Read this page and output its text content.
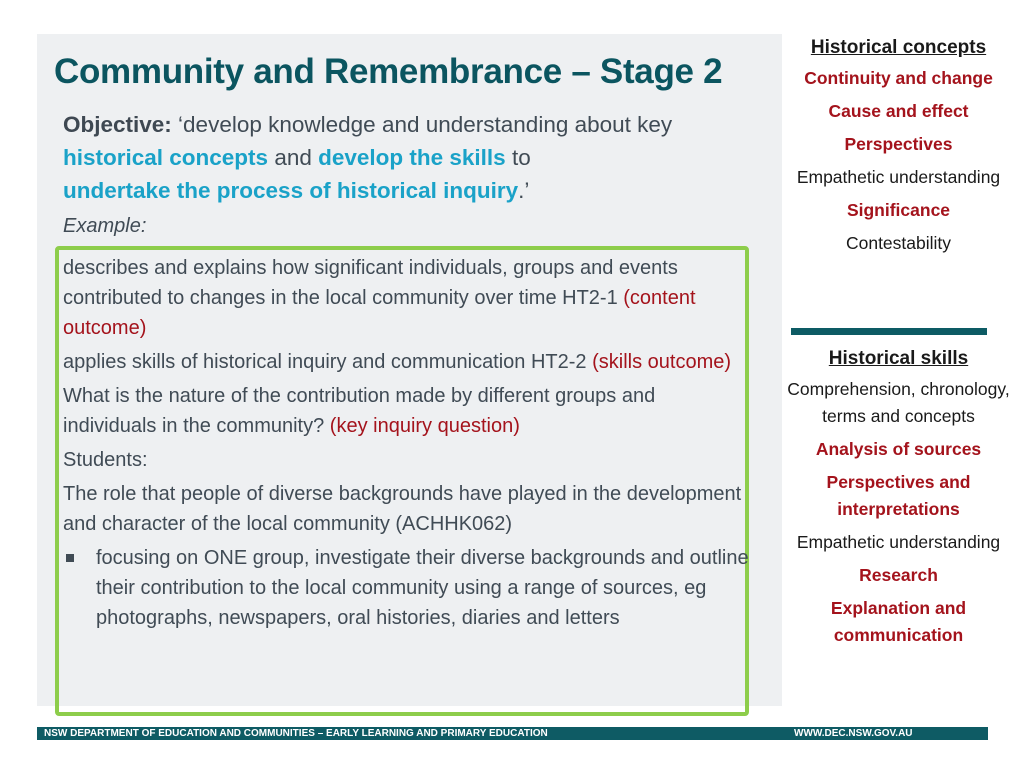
Community and Remembrance – Stage 2

Objective: ‘develop knowledge and understanding about key historical concepts and develop the skills to
undertake the process of historical inquiry.’

Example:

describes and explains how significant individuals, groups and events contributed to changes in the local community over time HT2-1 (content outcome)

applies skills of historical inquiry and communication HT2-2 (skills outcome)

What is the nature of the contribution made by different groups and individuals in the community? (key inquiry question)

Students:

The role that people of diverse backgrounds have played in the development and character of the local community (ACHHK062)

focusing on ONE group, investigate their diverse backgrounds and outline their contribution to the local community using a range of sources, eg photographs, newspapers, oral histories, diaries and letters

Historical concepts
Continuity and change
Cause and effect
Perspectives
Empathetic understanding
Significance
Contestability
Historical skills
Comprehension, chronology, terms and concepts
Analysis of sources
Perspectives and interpretations
Empathetic understanding
Research
Explanation and communication
NSW DEPARTMENT OF EDUCATION AND COMMUNITIES – EARLY LEARNING AND PRIMARY EDUCATION	WWW.DEC.NSW.GOV.AU
